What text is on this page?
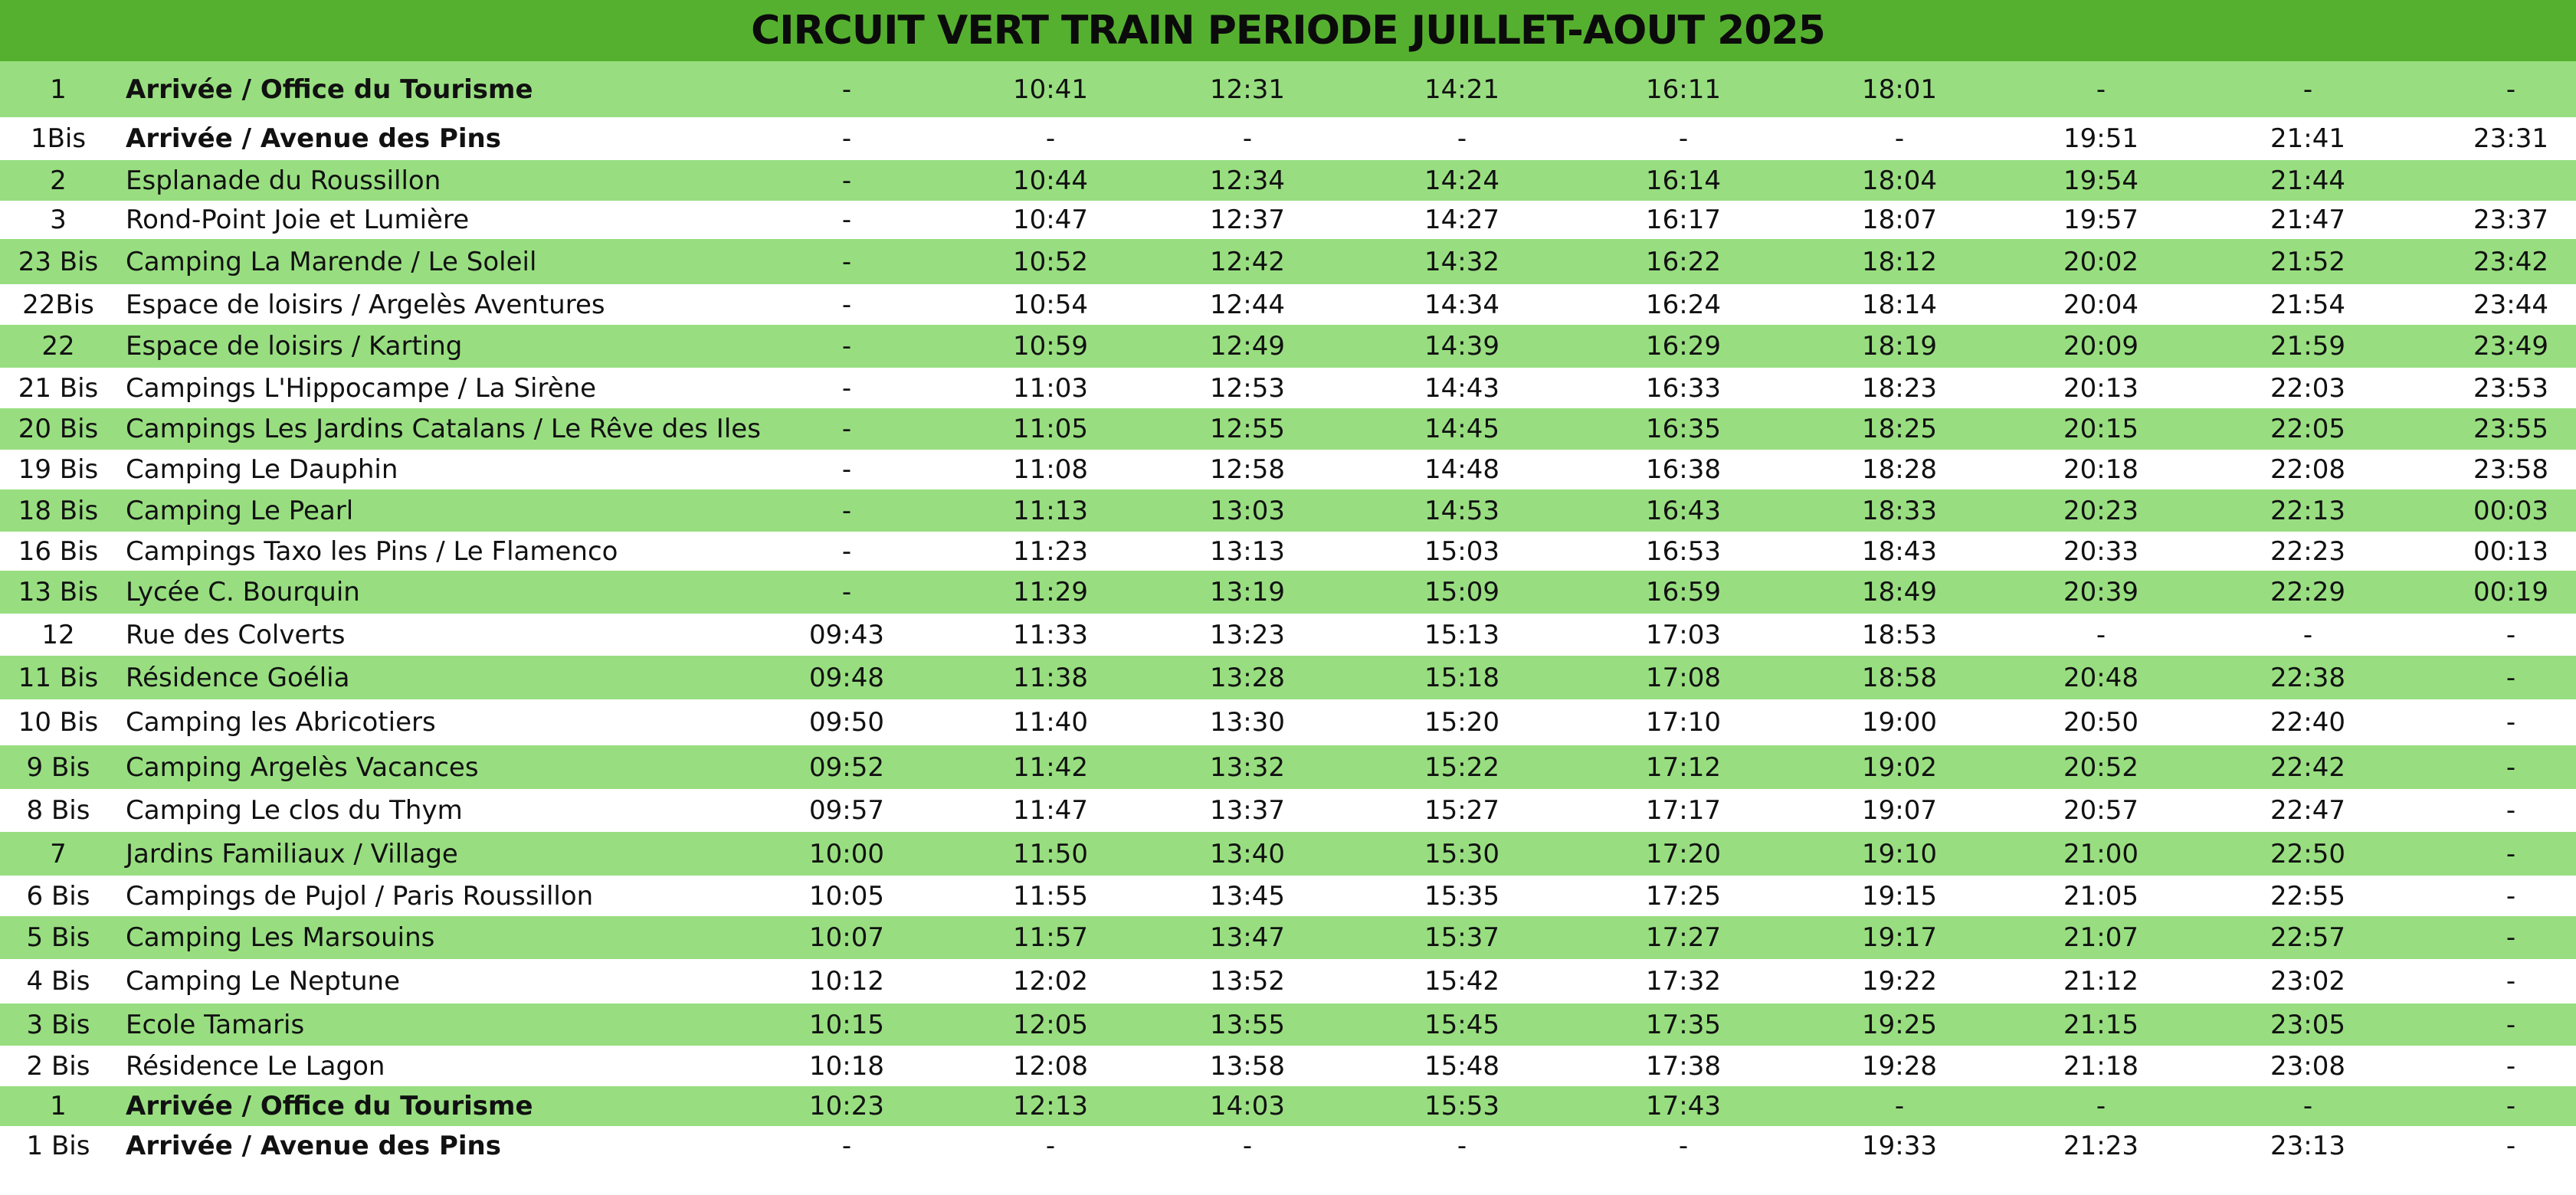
CIRCUIT VERT TRAIN PERIODE JUILLET-AOUT 2025
1	Arrivée / Office du Tourisme	-	10:41	12:31	14:21	16:11	18:01	-	-	-
1Bis	Arrivée / Avenue des Pins	-	-	-	-	-	-	19:51	21:41	23:31
2	Esplanade du Roussillon	-	10:44	12:34	14:24	16:14	18:04	19:54	21:44
3	Rond-Point Joie et Lumière	-	10:47	12:37	14:27	16:17	18:07	19:57	21:47	23:37
23 Bis	Camping La Marende / Le Soleil	-	10:52	12:42	14:32	16:22	18:12	20:02	21:52	23:42
22Bis	Espace de loisirs / Argelès Aventures	-	10:54	12:44	14:34	16:24	18:14	20:04	21:54	23:44
22	Espace de loisirs / Karting	-	10:59	12:49	14:39	16:29	18:19	20:09	21:59	23:49
21 Bis	Campings L'Hippocampe / La Sirène	-	11:03	12:53	14:43	16:33	18:23	20:13	22:03	23:53
20 Bis	Campings Les Jardins Catalans / Le Rêve des Iles	-	11:05	12:55	14:45	16:35	18:25	20:15	22:05	23:55
19 Bis	Camping Le Dauphin	-	11:08	12:58	14:48	16:38	18:28	20:18	22:08	23:58
18 Bis	Camping Le Pearl	-	11:13	13:03	14:53	16:43	18:33	20:23	22:13	00:03
16 Bis	Campings Taxo les Pins / Le Flamenco	-	11:23	13:13	15:03	16:53	18:43	20:33	22:23	00:13
13 Bis	Lycée C. Bourquin	-	11:29	13:19	15:09	16:59	18:49	20:39	22:29	00:19
12	Rue des Colverts	09:43	11:33	13:23	15:13	17:03	18:53	-	-	-
11 Bis	Résidence Goélia	09:48	11:38	13:28	15:18	17:08	18:58	20:48	22:38	-
10 Bis	Camping les Abricotiers	09:50	11:40	13:30	15:20	17:10	19:00	20:50	22:40	-
9 Bis	Camping Argelès Vacances	09:52	11:42	13:32	15:22	17:12	19:02	20:52	22:42	-
8 Bis	Camping Le clos du Thym	09:57	11:47	13:37	15:27	17:17	19:07	20:57	22:47	-
7	Jardins Familiaux / Village	10:00	11:50	13:40	15:30	17:20	19:10	21:00	22:50	-
6 Bis	Campings de Pujol / Paris Roussillon	10:05	11:55	13:45	15:35	17:25	19:15	21:05	22:55	-
5 Bis	Camping Les Marsouins	10:07	11:57	13:47	15:37	17:27	19:17	21:07	22:57	-
4 Bis	Camping Le Neptune	10:12	12:02	13:52	15:42	17:32	19:22	21:12	23:02	-
3 Bis	Ecole Tamaris	10:15	12:05	13:55	15:45	17:35	19:25	21:15	23:05	-
2 Bis	Résidence Le Lagon	10:18	12:08	13:58	15:48	17:38	19:28	21:18	23:08	-
1	Arrivée / Office du Tourisme	10:23	12:13	14:03	15:53	17:43	-	-	-	-
1 Bis	Arrivée / Avenue des Pins	-	-	-	-	-	19:33	21:23	23:13	-
